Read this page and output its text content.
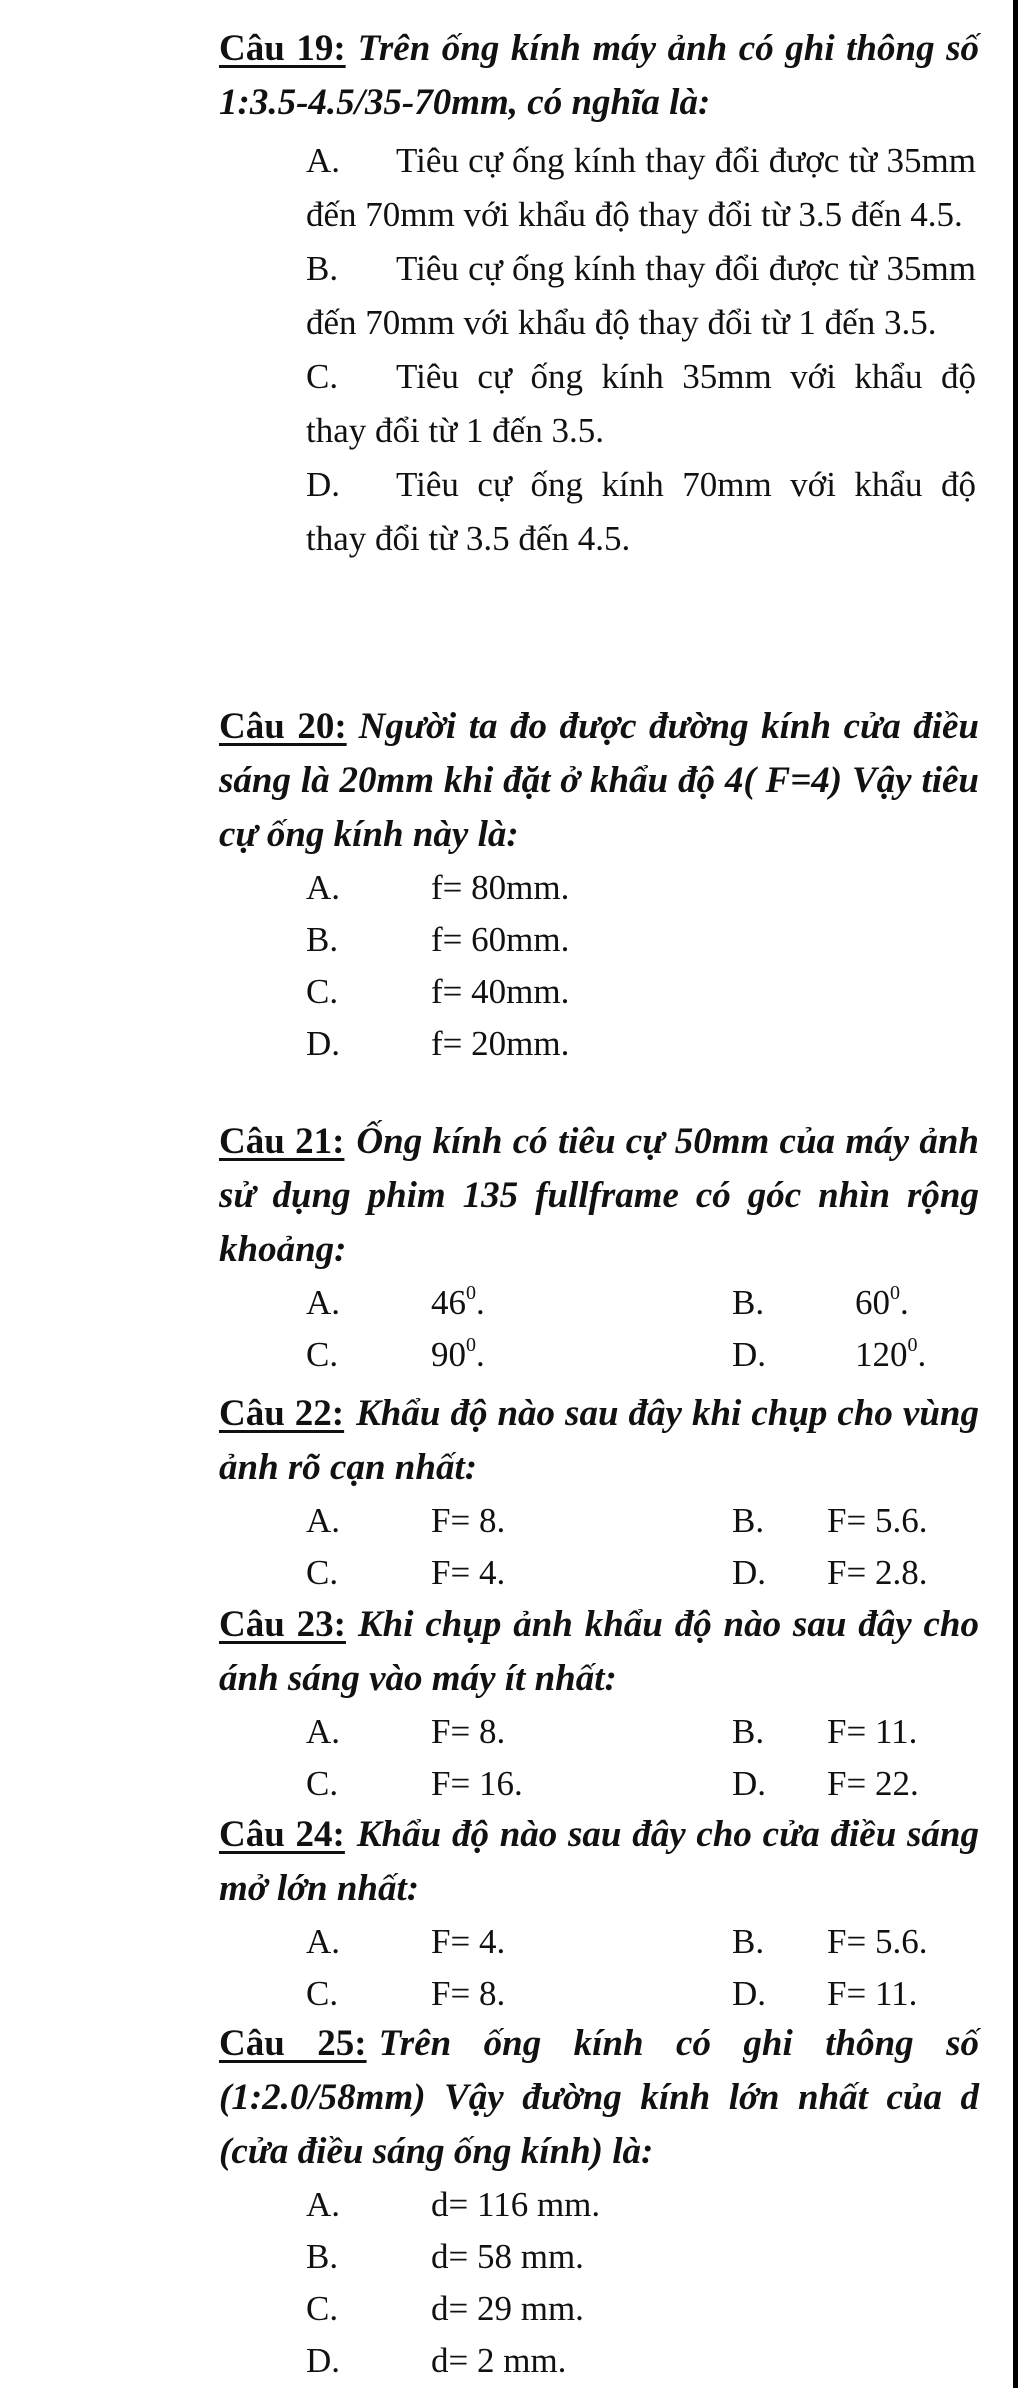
Câu 19: Trên ống kính máy ảnh có ghi thông số 1:3.5-4.5/35-70mm, có nghĩa là:

A. Tiêu cự ống kính thay đổi được từ 35mm đến 70mm với khẩu độ thay đổi từ 3.5 đến 4.5.
B. Tiêu cự ống kính thay đổi được từ 35mm đến 70mm với khẩu độ thay đổi từ 1 đến 3.5.
C. Tiêu cự ống kính 35mm với khẩu độ thay đổi từ 1 đến 3.5.
D. Tiêu cự ống kính 70mm với khẩu độ thay đổi từ 3.5 đến 4.5.

Câu 20: Người ta đo được đường kính cửa điều sáng là 20mm khi đặt ở khẩu độ 4( F=4) Vậy tiêu cự ống kính này là:

A.	f= 80mm.
B.	f= 60mm.
C.	f= 40mm.
D.	f= 20mm.

Câu 21: Ống kính có tiêu cự 50mm của máy ảnh sử dụng phim 135 fullframe có góc nhìn rộng khoảng:

A.	$46^0$.	B.	$60^0$.
C.	$90^0$.	D.	$120^0$.

Câu 22: Khẩu độ nào sau đây khi chụp cho vùng ảnh rõ cạn nhất:

A.	F= 8.	B. F= 5.6.
C.	F= 4.	D. F= 2.8.

Câu 23: Khi chụp ảnh khẩu độ nào sau đây cho ánh sáng vào máy ít nhất:

A.	F= 8.	B. F= 11.
C.	F= 16.	D. F= 22.

Câu 24: Khẩu độ nào sau đây cho cửa điều sáng mở lớn nhất:

A.	F= 4.	B. F= 5.6.
C.	F= 8.	D. F= 11.

Câu 25: Trên ống kính có ghi thông số (1:2.0/58mm) Vậy đường kính lớn nhất của d (cửa điều sáng ống kính) là:

A.	d= 116 mm.
B.	d= 58 mm.
C.	d= 29 mm.
D.	d= 2 mm.
